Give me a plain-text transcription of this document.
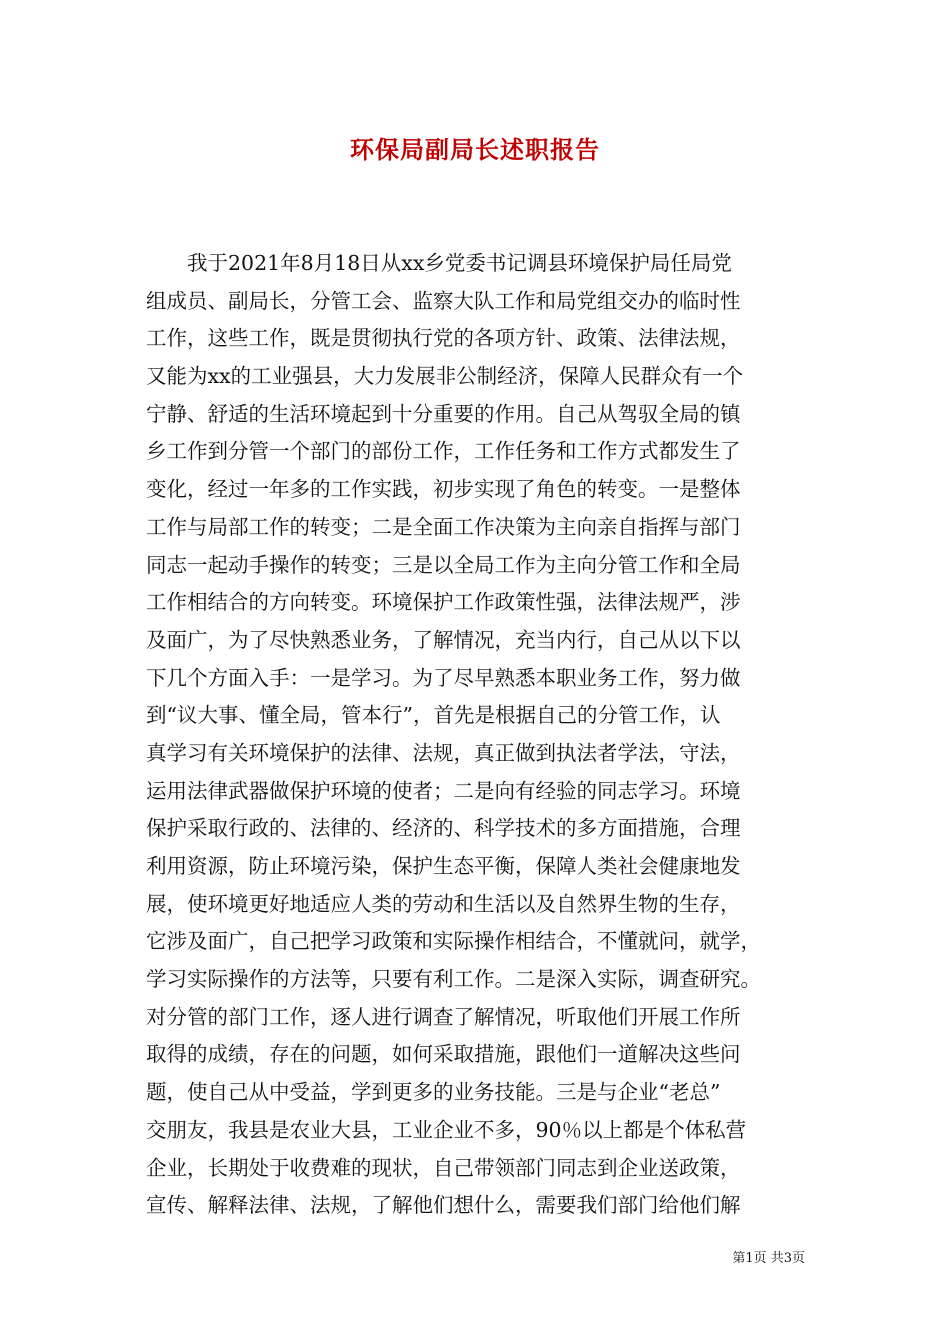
环保局副局长述职报告
我于2021年8月18日从xx乡党委书记调县环境保护局任局党
组成员、副局长，分管工会、监察大队工作和局党组交办的临时性
工作，这些工作，既是贯彻执行党的各项方针、政策、法律法规，
又能为xx的工业强县，大力发展非公制经济，保障人民群众有一个
宁静、舒适的生活环境起到十分重要的作用。自己从驾驭全局的镇
乡工作到分管一个部门的部份工作，工作任务和工作方式都发生了
变化，经过一年多的工作实践，初步实现了角色的转变。一是整体
工作与局部工作的转变；二是全面工作决策为主向亲自指挥与部门
同志一起动手操作的转变；三是以全局工作为主向分管工作和全局
工作相结合的方向转变。环境保护工作政策性强，法律法规严，涉
及面广，为了尽快熟悉业务，了解情况，充当内行，自己从以下以
下几个方面入手：一是学习。为了尽早熟悉本职业务工作，努力做
到“议大事、懂全局，管本行”，首先是根据自己的分管工作，认
真学习有关环境保护的法律、法规，真正做到执法者学法，守法，
运用法律武器做保护环境的使者；二是向有经验的同志学习。环境
保护采取行政的、法律的、经济的、科学技术的多方面措施，合理
利用资源，防止环境污染，保护生态平衡，保障人类社会健康地发
展，使环境更好地适应人类的劳动和生活以及自然界生物的生存，
它涉及面广，自己把学习政策和实际操作相结合，不懂就问，就学，
学习实际操作的方法等，只要有利工作。二是深入实际，调查研究。
对分管的部门工作，逐人进行调查了解情况，听取他们开展工作所
取得的成绩，存在的问题，如何采取措施，跟他们一道解决这些问
题，使自己从中受益，学到更多的业务技能。三是与企业“老总”
交朋友，我县是农业大县，工业企业不多，90％以上都是个体私营
企业，长期处于收费难的现状，自己带领部门同志到企业送政策，
宣传、解释法律、法规，了解他们想什么，需要我们部门给他们解
第1页 共3页
